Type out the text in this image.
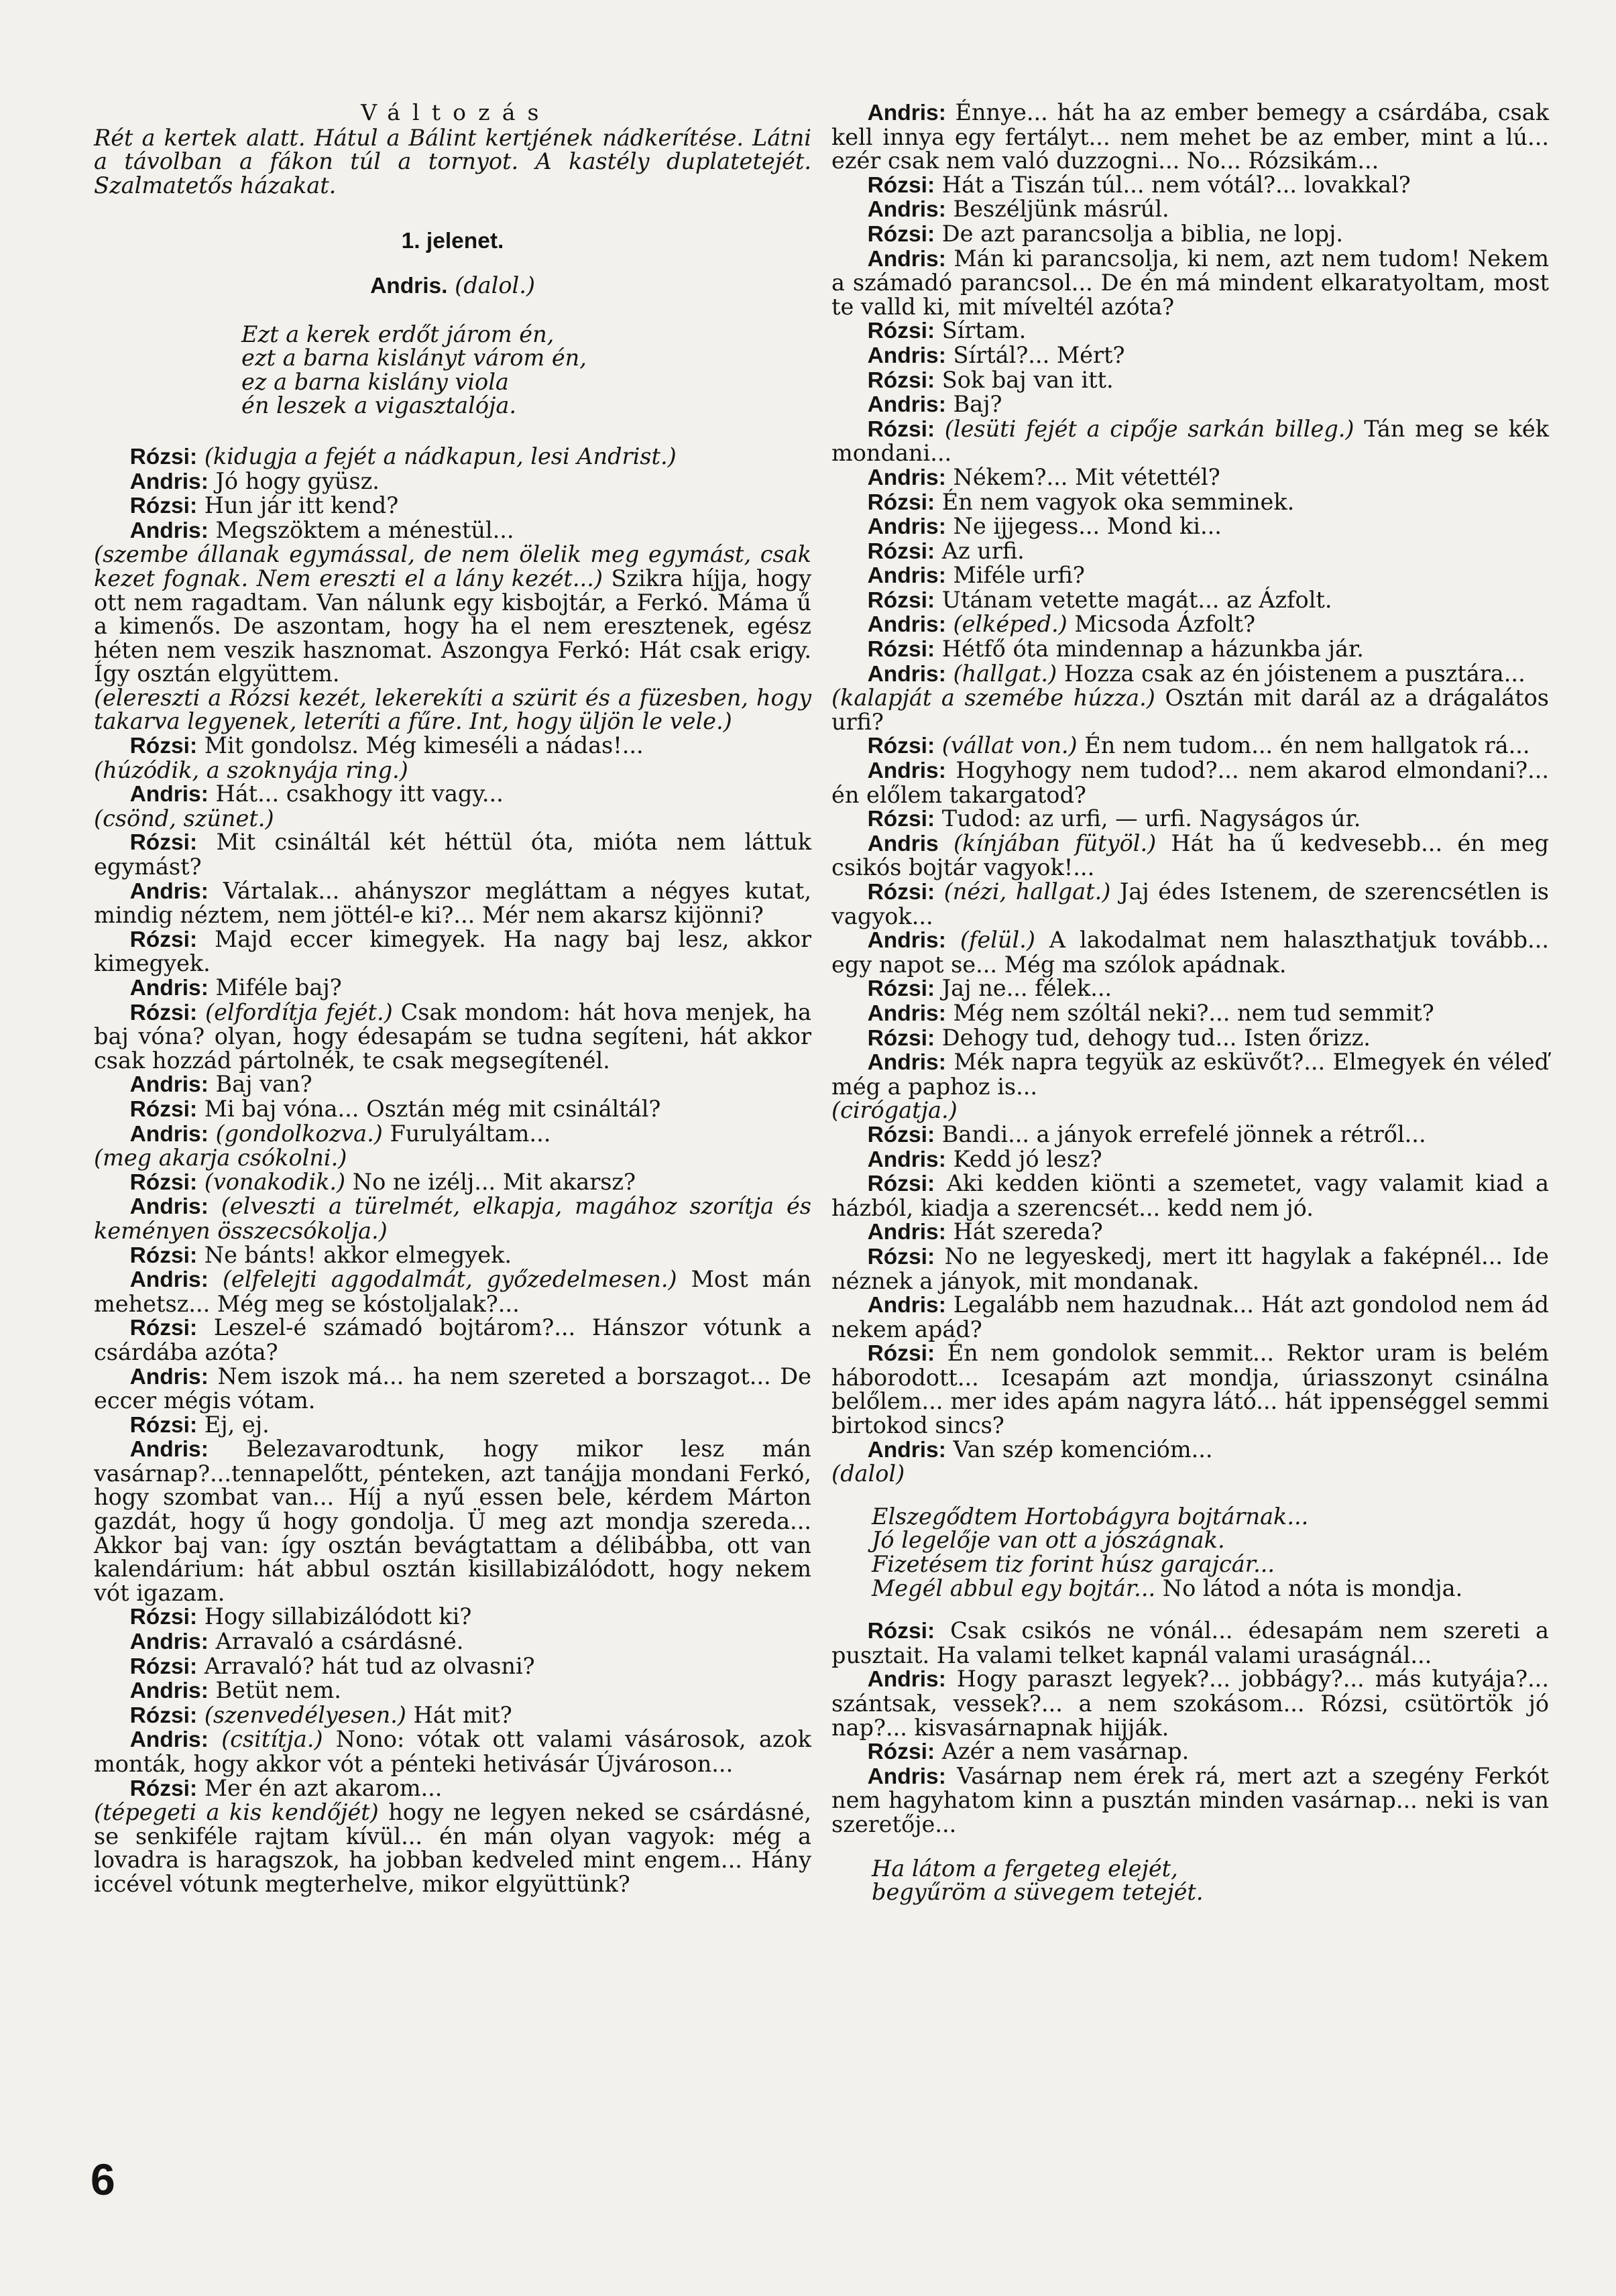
Változás

Rét a kertek alatt. Hátul a Bálint kertjének nádkerítése. Látni a távolban a fákon túl a tornyot. A kastély duplatetejét. Szalmatetős házakat.

1. jelenet.

Andris. (dalol.)

Ezt a kerek erdőt járom én,
ezt a barna kislányt várom én,
ez a barna kislány viola
én leszek a vigasztalója.

Rózsi: (kidugja a fejét a nádkapun, lesi Andrist.)

Andris: Jó hogy gyüsz.

Rózsi: Hun jár itt kend?

Andris: Megszöktem a ménestül...

(szembe állanak egymással, de nem ölelik meg egymást, csak kezet fognak. Nem ereszti el a lány kezét...) Szikra híjja, hogy ott nem ragadtam. Van nálunk egy kisbojtár, a Ferkó. Máma ű a kimenős. De aszontam, hogy ha el nem eresztenek, egész héten nem veszik hasznomat. Aszongya Ferkó: Hát csak erigy. Így osztán elgyüttem.

(elereszti a Rózsi kezét, lekerekíti a szürit és a füzesben, hogy takarva legyenek, leteríti a fűre. Int, hogy üljön le vele.)

Rózsi: Mit gondolsz. Még kimeséli a nádas!...

(húzódik, a szoknyája ring.)

Andris: Hát... csakhogy itt vagy...

(csönd, szünet.)

Rózsi: Mit csináltál két héttül óta, mióta nem láttuk egymást?

Andris: Vártalak... ahányszor megláttam a négyes kutat, mindig néztem, nem jöttél-e ki?... Mér nem akarsz kijönni?

Rózsi: Majd eccer kimegyek. Ha nagy baj lesz, akkor kimegyek.

Andris: Miféle baj?

Rózsi: (elfordítja fejét.) Csak mondom: hát hova menjek, ha baj vóna? olyan, hogy édesapám se tudna segíteni, hát akkor csak hozzád pártolnék, te csak megsegítenél.

Andris: Baj van?

Rózsi: Mi baj vóna... Osztán még mit csináltál?

Andris: (gondolkozva.) Furulyáltam...

(meg akarja csókolni.)

Rózsi: (vonakodik.) No ne izélj... Mit akarsz?

Andris: (elveszti a türelmét, elkapja, magához szorítja és keményen összecsókolja.)

Rózsi: Ne bánts! akkor elmegyek.

Andris: (elfelejti aggodalmát, győzedelmesen.) Most mán mehetsz... Még meg se kóstoljalak?...

Rózsi: Leszel-é számadó bojtárom?... Hánszor vótunk a csárdába azóta?

Andris: Nem iszok má... ha nem szereted a borszagot... De eccer mégis vótam.

Rózsi: Ej, ej.

Andris: Belezavarodtunk, hogy mikor lesz mán vasárnap?...tennapelőtt, pénteken, azt tanájja mondani Ferkó, hogy szombat van... Híj a nyű essen bele, kérdem Márton gazdát, hogy ű hogy gondolja. Ü meg azt mondja szereda... Akkor baj van: így osztán bevágtattam a délibábba, ott van kalendárium: hát abbul osztán kisillabizálódott, hogy nekem vót igazam.

Rózsi: Hogy sillabizálódott ki?

Andris: Arravaló a csárdásné.

Rózsi: Arravaló? hát tud az olvasni?

Andris: Betüt nem.

Rózsi: (szenvedélyesen.) Hát mit?

Andris: (csitítja.) Nono: vótak ott valami vásárosok, azok monták, hogy akkor vót a pénteki hetivásár Újvároson...

Rózsi: Mer én azt akarom...

(tépegeti a kis kendőjét) hogy ne legyen neked se csárdásné, se senkiféle rajtam kívül... én mán olyan vagyok: még a lovadra is haragszok, ha jobban kedveled mint engem... Hány iccével vótunk megterhelve, mikor elgyüttünk?

Andris: Énnye... hát ha az ember bemegy a csárdába, csak kell innya egy fertályt... nem mehet be az ember, mint a lú... ezér csak nem való duzzogni... No... Rózsikám...

Rózsi: Hát a Tiszán túl... nem vótál?... lovakkal?

Andris: Beszéljünk másrúl.

Rózsi: De azt parancsolja a biblia, ne lopj.

Andris: Mán ki parancsolja, ki nem, azt nem tudom! Nekem a számadó parancsol... De én má mindent elkaratyoltam, most te valld ki, mit míveltél azóta?

Rózsi: Sírtam.

Andris: Sírtál?... Mért?

Rózsi: Sok baj van itt.

Andris: Baj?

Rózsi: (lesüti fejét a cipője sarkán billeg.) Tán meg se kék mondani...

Andris: Nékem?... Mit vétettél?

Rózsi: Én nem vagyok oka semminek.

Andris: Ne ijjegess... Mond ki...

Rózsi: Az urfi.

Andris: Miféle urfi?

Rózsi: Utánam vetette magát... az Ázfolt.

Andris: (elképed.) Micsoda Ázfolt?

Rózsi: Hétfő óta mindennap a házunkba jár.

Andris: (hallgat.) Hozza csak az én jóistenem a pusztára...

(kalapját a szemébe húzza.) Osztán mit darál az a drágalátos urfi?

Rózsi: (vállat von.) Én nem tudom... én nem hallgatok rá...

Andris: Hogyhogy nem tudod?... nem akarod elmondani?... én előlem takargatod?

Rózsi: Tudod: az urfi, — urfi. Nagyságos úr.

Andris (kínjában fütyöl.) Hát ha ű kedvesebb... én meg csikós bojtár vagyok!...

Rózsi: (nézi, hallgat.) Jaj édes Istenem, de szerencsétlen is vagyok...

Andris: (felül.) A lakodalmat nem halaszthatjuk tovább... egy napot se... Még ma szólok apádnak.

Rózsi: Jaj ne... félek...

Andris: Még nem szóltál neki?... nem tud semmit?

Rózsi: Dehogy tud, dehogy tud... Isten őrizz.

Andris: Mék napra tegyük az esküvőt?... Elmegyek én véleď még a paphoz is...

(cirógatja.)

Rózsi: Bandi... a jányok errefelé jönnek a rétről...

Andris: Kedd jó lesz?

Rózsi: Aki kedden kiönti a szemetet, vagy valamit kiad a házból, kiadja a szerencsét... kedd nem jó.

Andris: Hát szereda?

Rózsi: No ne legyeskedj, mert itt hagylak a faképnél... Ide néznek a jányok, mit mondanak.

Andris: Legalább nem hazudnak... Hát azt gondolod nem ád nekem apád?

Rózsi: Én nem gondolok semmit... Rektor uram is belém háborodott... Icesapám azt mondja, úriasszonyt csinálna belőlem... mer ides apám nagyra látó... hát ippenséggel semmi birtokod sincs?

Andris: Van szép komenciόm...

(dalol)

Elszegődtem Hortobágyra bojtárnak...
Jó legelője van ott a jószágnak.
Fizetésem tiz forint húsz garajcár...
Megél abbul egy bojtár... No látod a nóta is mondja.

Rózsi: Csak csikós ne vónál... édesapám nem szereti a pusztait. Ha valami telket kapnál valami uraságnál...

Andris: Hogy paraszt legyek?... jobbágy?... más kutyája?... szántsak, vessek?... a nem szokásom... Rózsi, csütörtök jó nap?... kisvasárnapnak hijják.

Rózsi: Azér a nem vasárnap.

Andris: Vasárnap nem érek rá, mert azt a szegény Ferkót nem hagyhatom kinn a pusztán minden vasárnap... neki is van szeretője...

Ha látom a fergeteg elejét,
begyűröm a süvegem tetejét.
6
